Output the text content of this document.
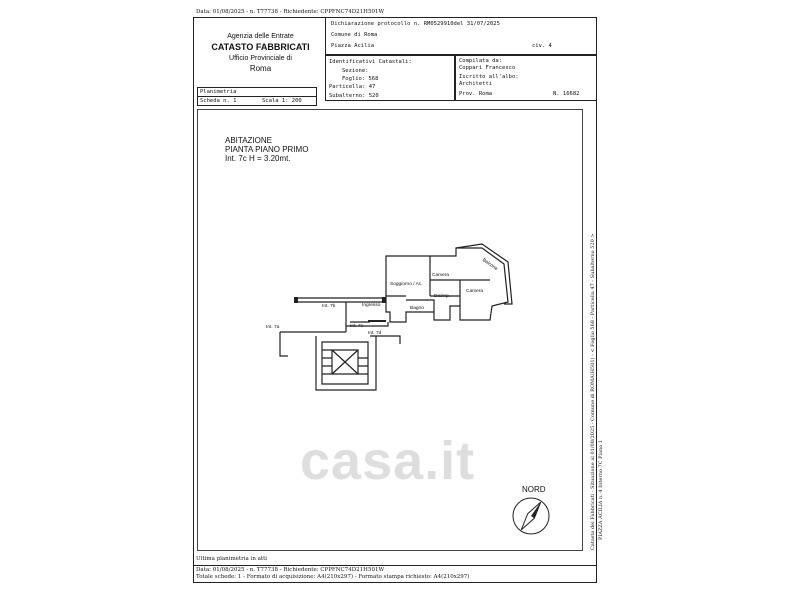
Data: 01/08/2025 - n. T77738 - Richiedente: CPPFNC74D21H501W
Agenzia delle Entrate
CATASTO FABBRICATI
Ufficio Provinciale di
Roma
Dichiarazione protocollo n. RM0529910del 31/07/2025
Comune di Roma
Piazza Acilia	civ. 4
Identificativi Catastali:
Sezione:
Foglio: 568
Particella: 47
Subalterno: 520
Compilata da:
Coppari Francesco
Iscritto all'albo:
Architetti
Prov. Roma	N. 16682
Planimetria
Scheda n. 1	Scala 1: 200
ABITAZIONE
PIANTA PIANO PRIMO
Int. 7c H = 3.20mt.
Balcone
Camera
Soggiorno / Ac.
Camera
Disimp.
Ingresso
Bagno
Int. 7b
Int. 7a	Int. 7c
Int. 7d
casa.it	NORD	Catasto dei Fabbricati - Situazione al 01/08/2025 - Comune di ROMA(H501) - < Foglio 568 - Particella 47 - Subalterno 520 > PIAZZA ACILIA n. 4 Interno 7C Piano 1
Ultima planimetria in atti
Data: 01/08/2025 - n. T77738 - Richiedente: CPPFNC74D21H501W
Totale schede: 1 - Formato di acquisizione: A4(210x297) - Formato stampa richiesto: A4(210x297)
